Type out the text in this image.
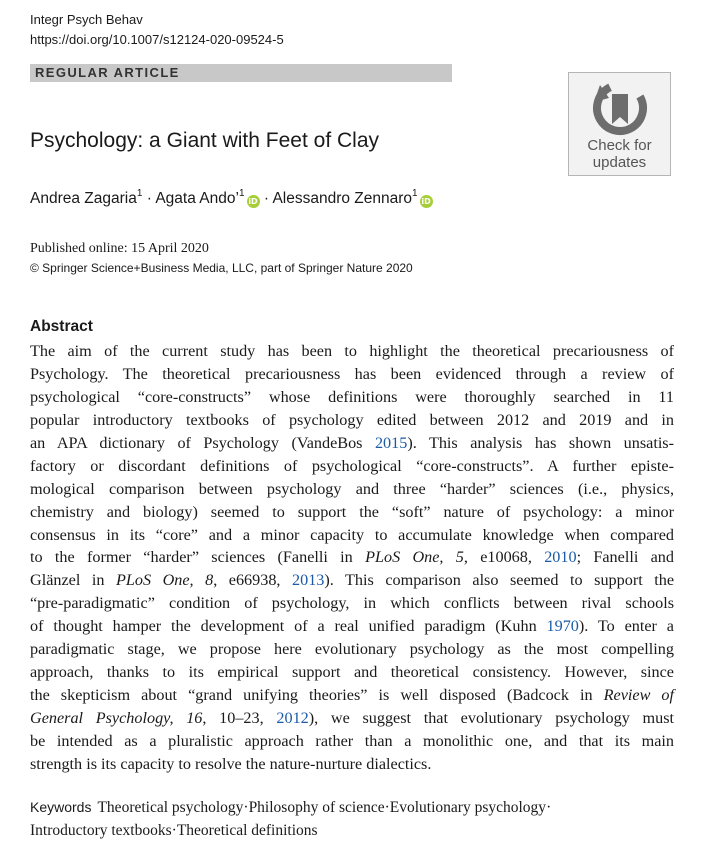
Integr Psych Behav
https://doi.org/10.1007/s12124-020-09524-5
REGULAR ARTICLE
Check for
updates
Psychology: a Giant with Feet of Clay
Andrea Zagaria$^1$ · Agata Ando’$^1$iD · Alessandro Zennaro$^1$iD
Published online: 15 April 2020
© Springer Science+Business Media, LLC, part of Springer Nature 2020
Abstract
The aim of the current study has been to highlight the theoretical precariousness of
Psychology. The theoretical precariousness has been evidenced through a review of
psychological “core-constructs” whose definitions were thoroughly searched in 11
popular introductory textbooks of psychology edited between 2012 and 2019 and in
an APA dictionary of Psychology (VandeBos 2015). This analysis has shown unsatis-
factory or discordant definitions of psychological “core-constructs”. A further episte-
mological comparison between psychology and three “harder” sciences (i.e., physics,
chemistry and biology) seemed to support the “soft” nature of psychology: a minor
consensus in its “core” and a minor capacity to accumulate knowledge when compared
to the former “harder” sciences (Fanelli in PLoS One, 5, e10068, 2010; Fanelli and
Glänzel in PLoS One, 8, e66938, 2013). This comparison also seemed to support the
“pre-paradigmatic” condition of psychology, in which conflicts between rival schools
of thought hamper the development of a real unified paradigm (Kuhn 1970). To enter a
paradigmatic stage, we propose here evolutionary psychology as the most compelling
approach, thanks to its empirical support and theoretical consistency. However, since
the skepticism about “grand unifying theories” is well disposed (Badcock in Review of
General Psychology, 16, 10–23, 2012), we suggest that evolutionary psychology must
be intended as a pluralistic approach rather than a monolithic one, and that its main
strength is its capacity to resolve the nature-nurture dialectics.
Keywords Theoretical psychology·Philosophy of science·Evolutionary psychology·
Introductory textbooks·Theoretical definitions
